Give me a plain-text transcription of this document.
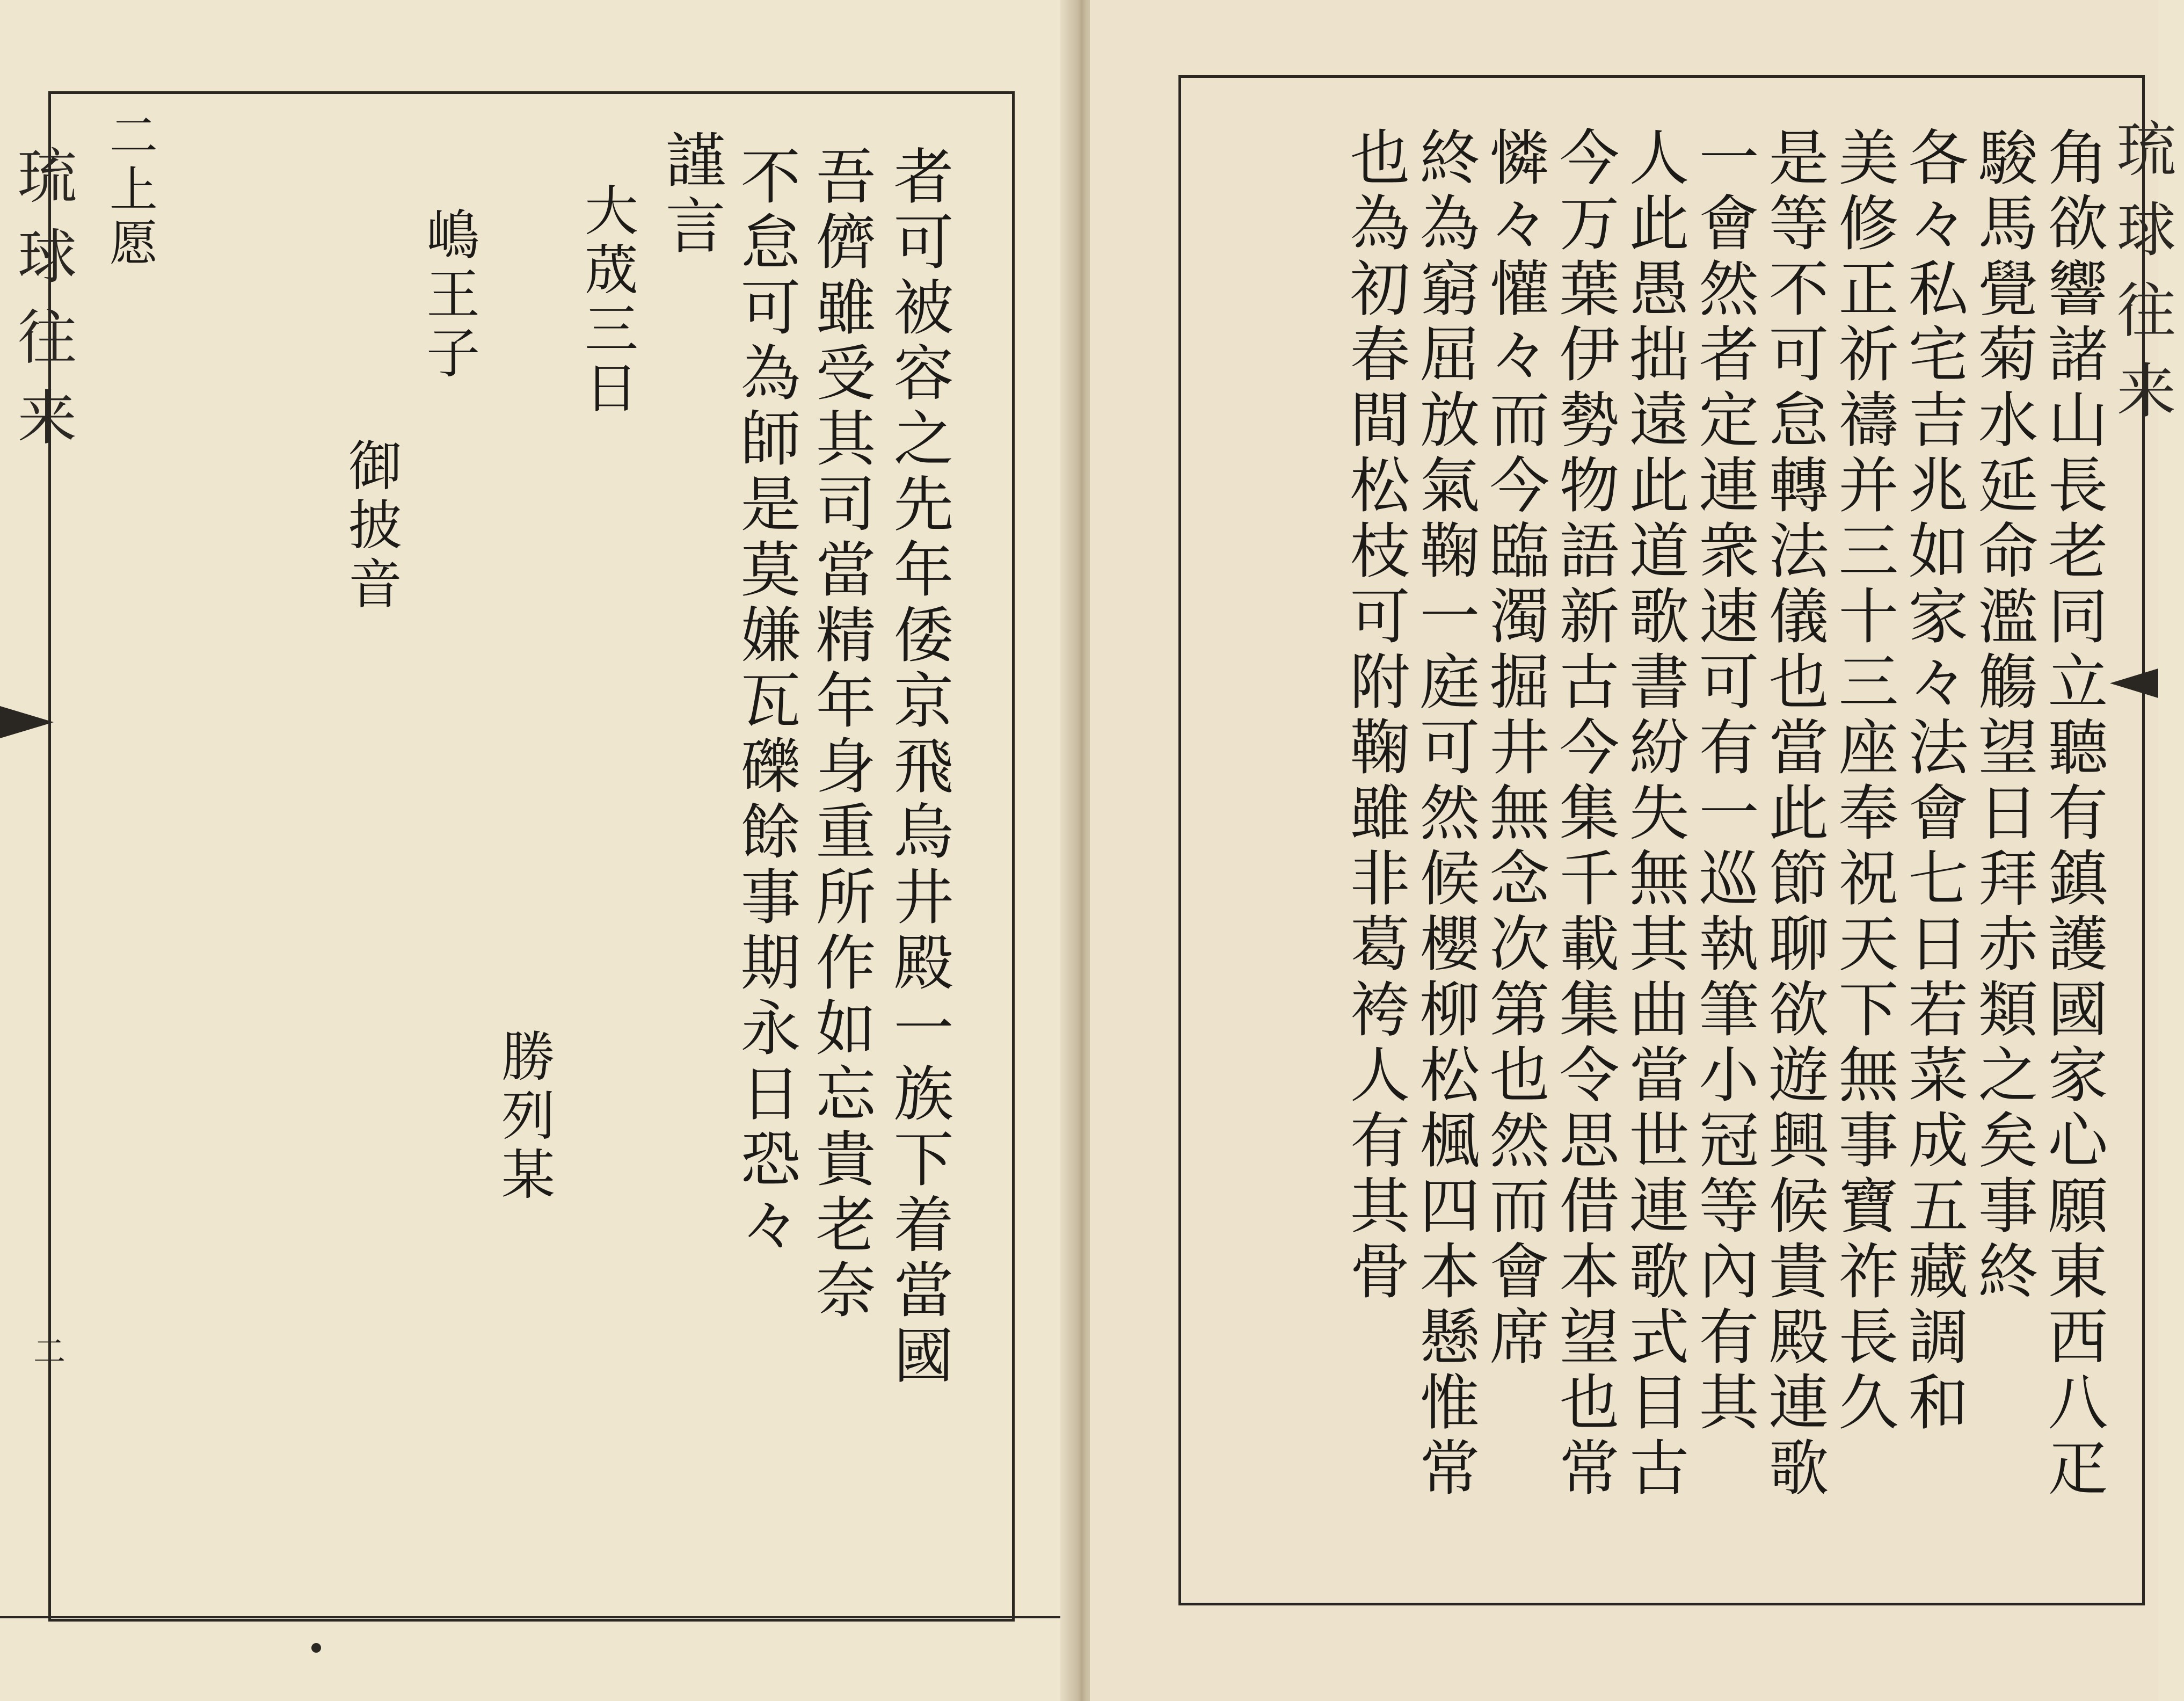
琉球往来
二	者可被容之先年倭京飛烏井殿一族下着當國
吾儕雖受其司當精年身重所作如忘貴老奈
不怠可為師是莫嫌瓦礫餘事期永日恐々
謹言
大荿三日
嶋王子
御披音
勝列某
二上愿	琉球往来
角欲響諸山長老同立聽有鎮護國家心願東西八疋
駿馬覺菊水延命濫觴望日拜赤類之矣事終
各々私宅吉兆如家々法會七日若菜成五藏調和
美修正祈禱并三十三座奉祝天下無事寶祚長久
是等不可怠轉法儀也當此節聊欲遊興候貴殿連歌
一會然者定連衆速可有一巡執筆小冠等內有其
人此愚拙遠此道歌書紛失無其曲當世連歌式目古
今万葉伊勢物語新古今集千載集令思借本望也常
憐々懽々而今臨濁掘井無念次第也然而會席
終為窮屈放氣鞠一庭可然候櫻柳松楓四本懸惟常
也為初春間松枝可附鞠雖非葛袴人有其骨
